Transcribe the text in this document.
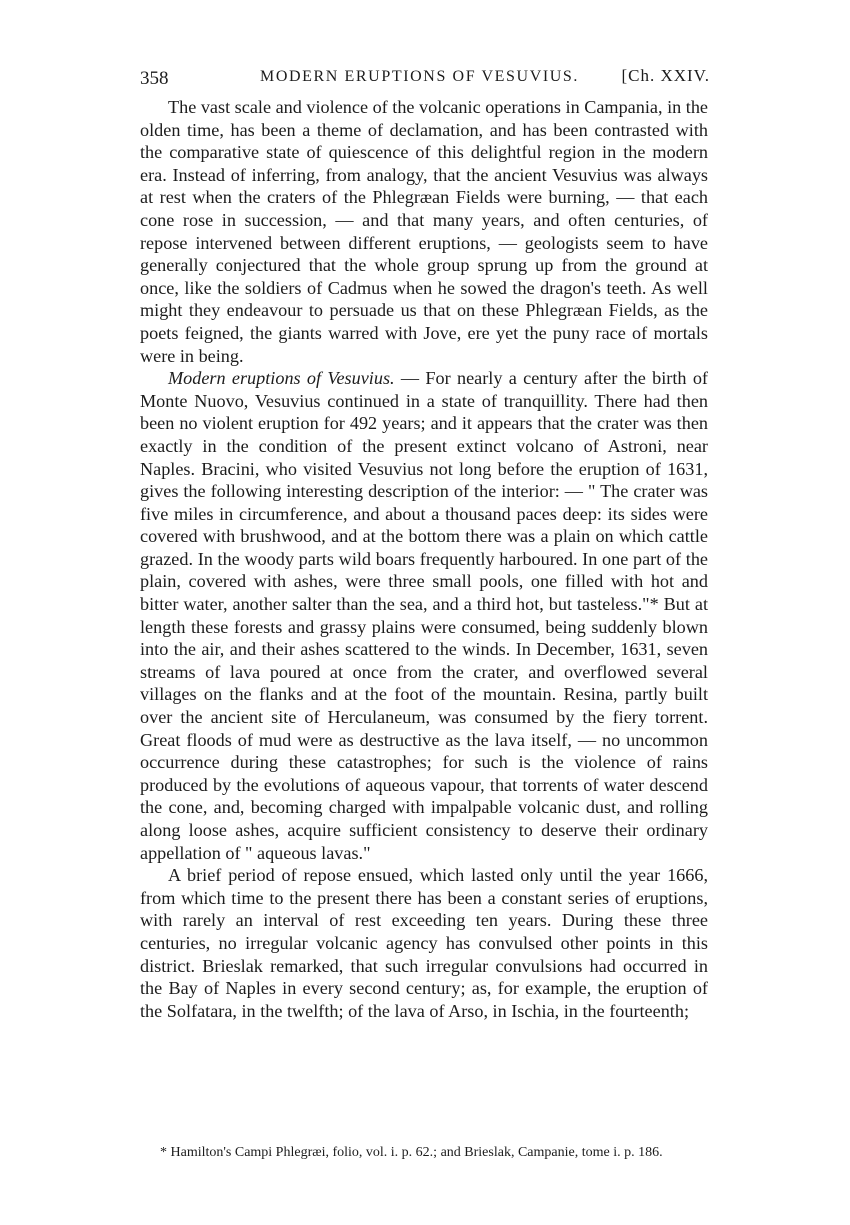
358	MODERN ERUPTIONS OF VESUVIUS. [Ch. XXIV.

The vast scale and violence of the volcanic operations in Campania, in the olden time, has been a theme of declamation, and has been contrasted with the comparative state of quiescence of this delightful region in the modern era. Instead of inferring, from analogy, that the ancient Vesuvius was always at rest when the craters of the Phlegræan Fields were burning, — that each cone rose in succession, — and that many years, and often centuries, of repose intervened between different eruptions, — geologists seem to have generally conjectured that the whole group sprung up from the ground at once, like the soldiers of Cadmus when he sowed the dragon's teeth. As well might they endeavour to persuade us that on these Phlegræan Fields, as the poets feigned, the giants warred with Jove, ere yet the puny race of mortals were in being.

Modern eruptions of Vesuvius. — For nearly a century after the birth of Monte Nuovo, Vesuvius continued in a state of tranquillity. There had then been no violent eruption for 492 years; and it appears that the crater was then exactly in the condition of the present extinct volcano of Astroni, near Naples. Bracini, who visited Vesuvius not long before the eruption of 1631, gives the following interesting description of the interior: — " The crater was five miles in circumference, and about a thousand paces deep: its sides were covered with brushwood, and at the bottom there was a plain on which cattle grazed. In the woody parts wild boars frequently harboured. In one part of the plain, covered with ashes, were three small pools, one filled with hot and bitter water, another salter than the sea, and a third hot, but tasteless."* But at length these forests and grassy plains were consumed, being suddenly blown into the air, and their ashes scattered to the winds. In December, 1631, seven streams of lava poured at once from the crater, and overflowed several villages on the flanks and at the foot of the mountain. Resina, partly built over the ancient site of Herculaneum, was consumed by the fiery torrent. Great floods of mud were as destructive as the lava itself, — no uncommon occurrence during these catastrophes; for such is the violence of rains produced by the evolutions of aqueous vapour, that torrents of water descend the cone, and, becoming charged with impalpable volcanic dust, and rolling along loose ashes, acquire sufficient consistency to deserve their ordinary appellation of " aqueous lavas."

A brief period of repose ensued, which lasted only until the year 1666, from which time to the present there has been a constant series of eruptions, with rarely an interval of rest exceeding ten years. During these three centuries, no irregular volcanic agency has convulsed other points in this district. Brieslak remarked, that such irregular convulsions had occurred in the Bay of Naples in every second century; as, for example, the eruption of the Solfatara, in the twelfth; of the lava of Arso, in Ischia, in the fourteenth;

* Hamilton's Campi Phlegræi, folio, vol. i. p. 62.; and Brieslak, Campanie, tome i. p. 186.
